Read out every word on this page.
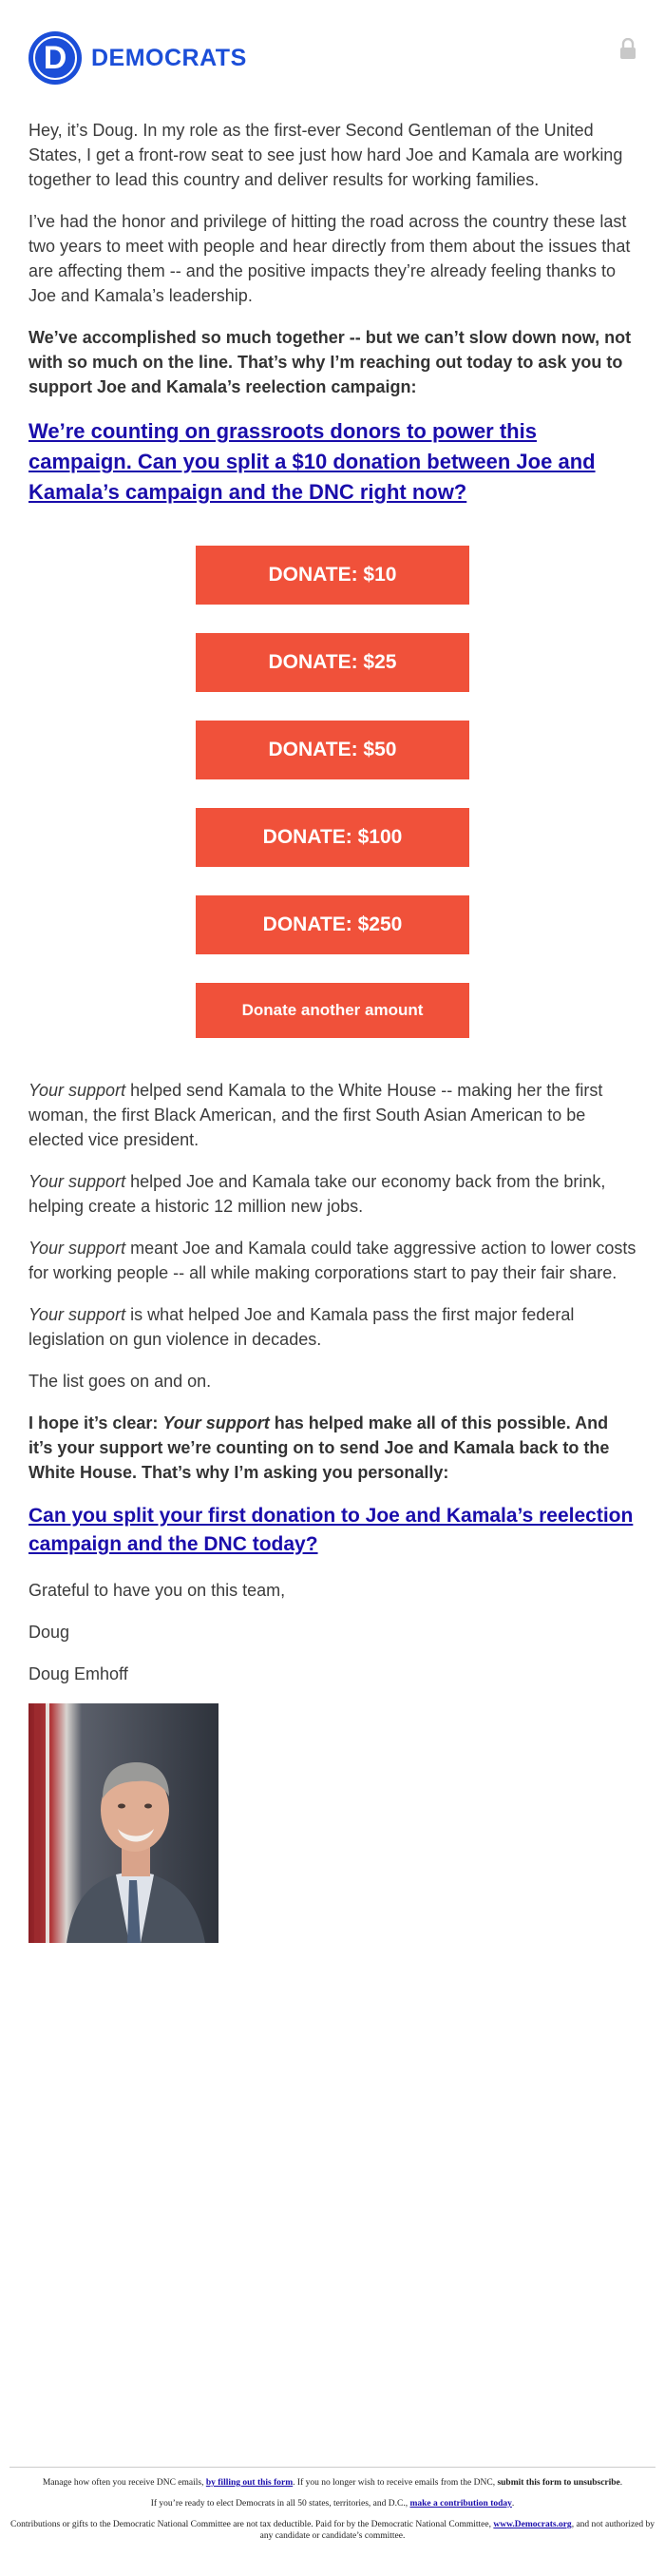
D	DEMOCRATS

Hey, it’s Doug. In my role as the first-ever Second Gentleman of the United States, I get a front-row seat to see just how hard Joe and Kamala are working together to lead this country and deliver results for working families.

I’ve had the honor and privilege of hitting the road across the country these last two years to meet with people and hear directly from them about the issues that are affecting them -- and the positive impacts they’re already feeling thanks to Joe and Kamala’s leadership.

We’ve accomplished so much together -- but we can’t slow down now, not with so much on the line. That’s why I’m reaching out today to ask you to support Joe and Kamala’s reelection campaign:

We’re counting on grassroots donors to power this campaign. Can you split a $10 donation between Joe and Kamala’s campaign and the DNC right now?
DONATE: $10
DONATE: $25
DONATE: $50
DONATE: $100
DONATE: $250
Donate another amount

Your support helped send Kamala to the White House -- making her the first woman, the first Black American, and the first South Asian American to be elected vice president.

Your support helped Joe and Kamala take our economy back from the brink, helping create a historic 12 million new jobs.

Your support meant Joe and Kamala could take aggressive action to lower costs for working people -- all while making corporations start to pay their fair share.

Your support is what helped Joe and Kamala pass the first major federal legislation on gun violence in decades.

The list goes on and on.

I hope it’s clear: Your support has helped make all of this possible. And it’s your support we’re counting on to send Joe and Kamala back to the White House. That’s why I’m asking you personally:

Can you split your first donation to Joe and Kamala’s reelection campaign and the DNC today?

Grateful to have you on this team,

Doug

Doug Emhoff

Manage how often you receive DNC emails, by filling out this form. If you no longer wish to receive emails from the DNC, submit this form to unsubscribe.
If you’re ready to elect Democrats in all 50 states, territories, and D.C., make a contribution today.
Contributions or gifts to the Democratic National Committee are not tax deductible. Paid for by the Democratic National Committee, www.Democrats.org, and not authorized by any candidate or candidate’s committee.
